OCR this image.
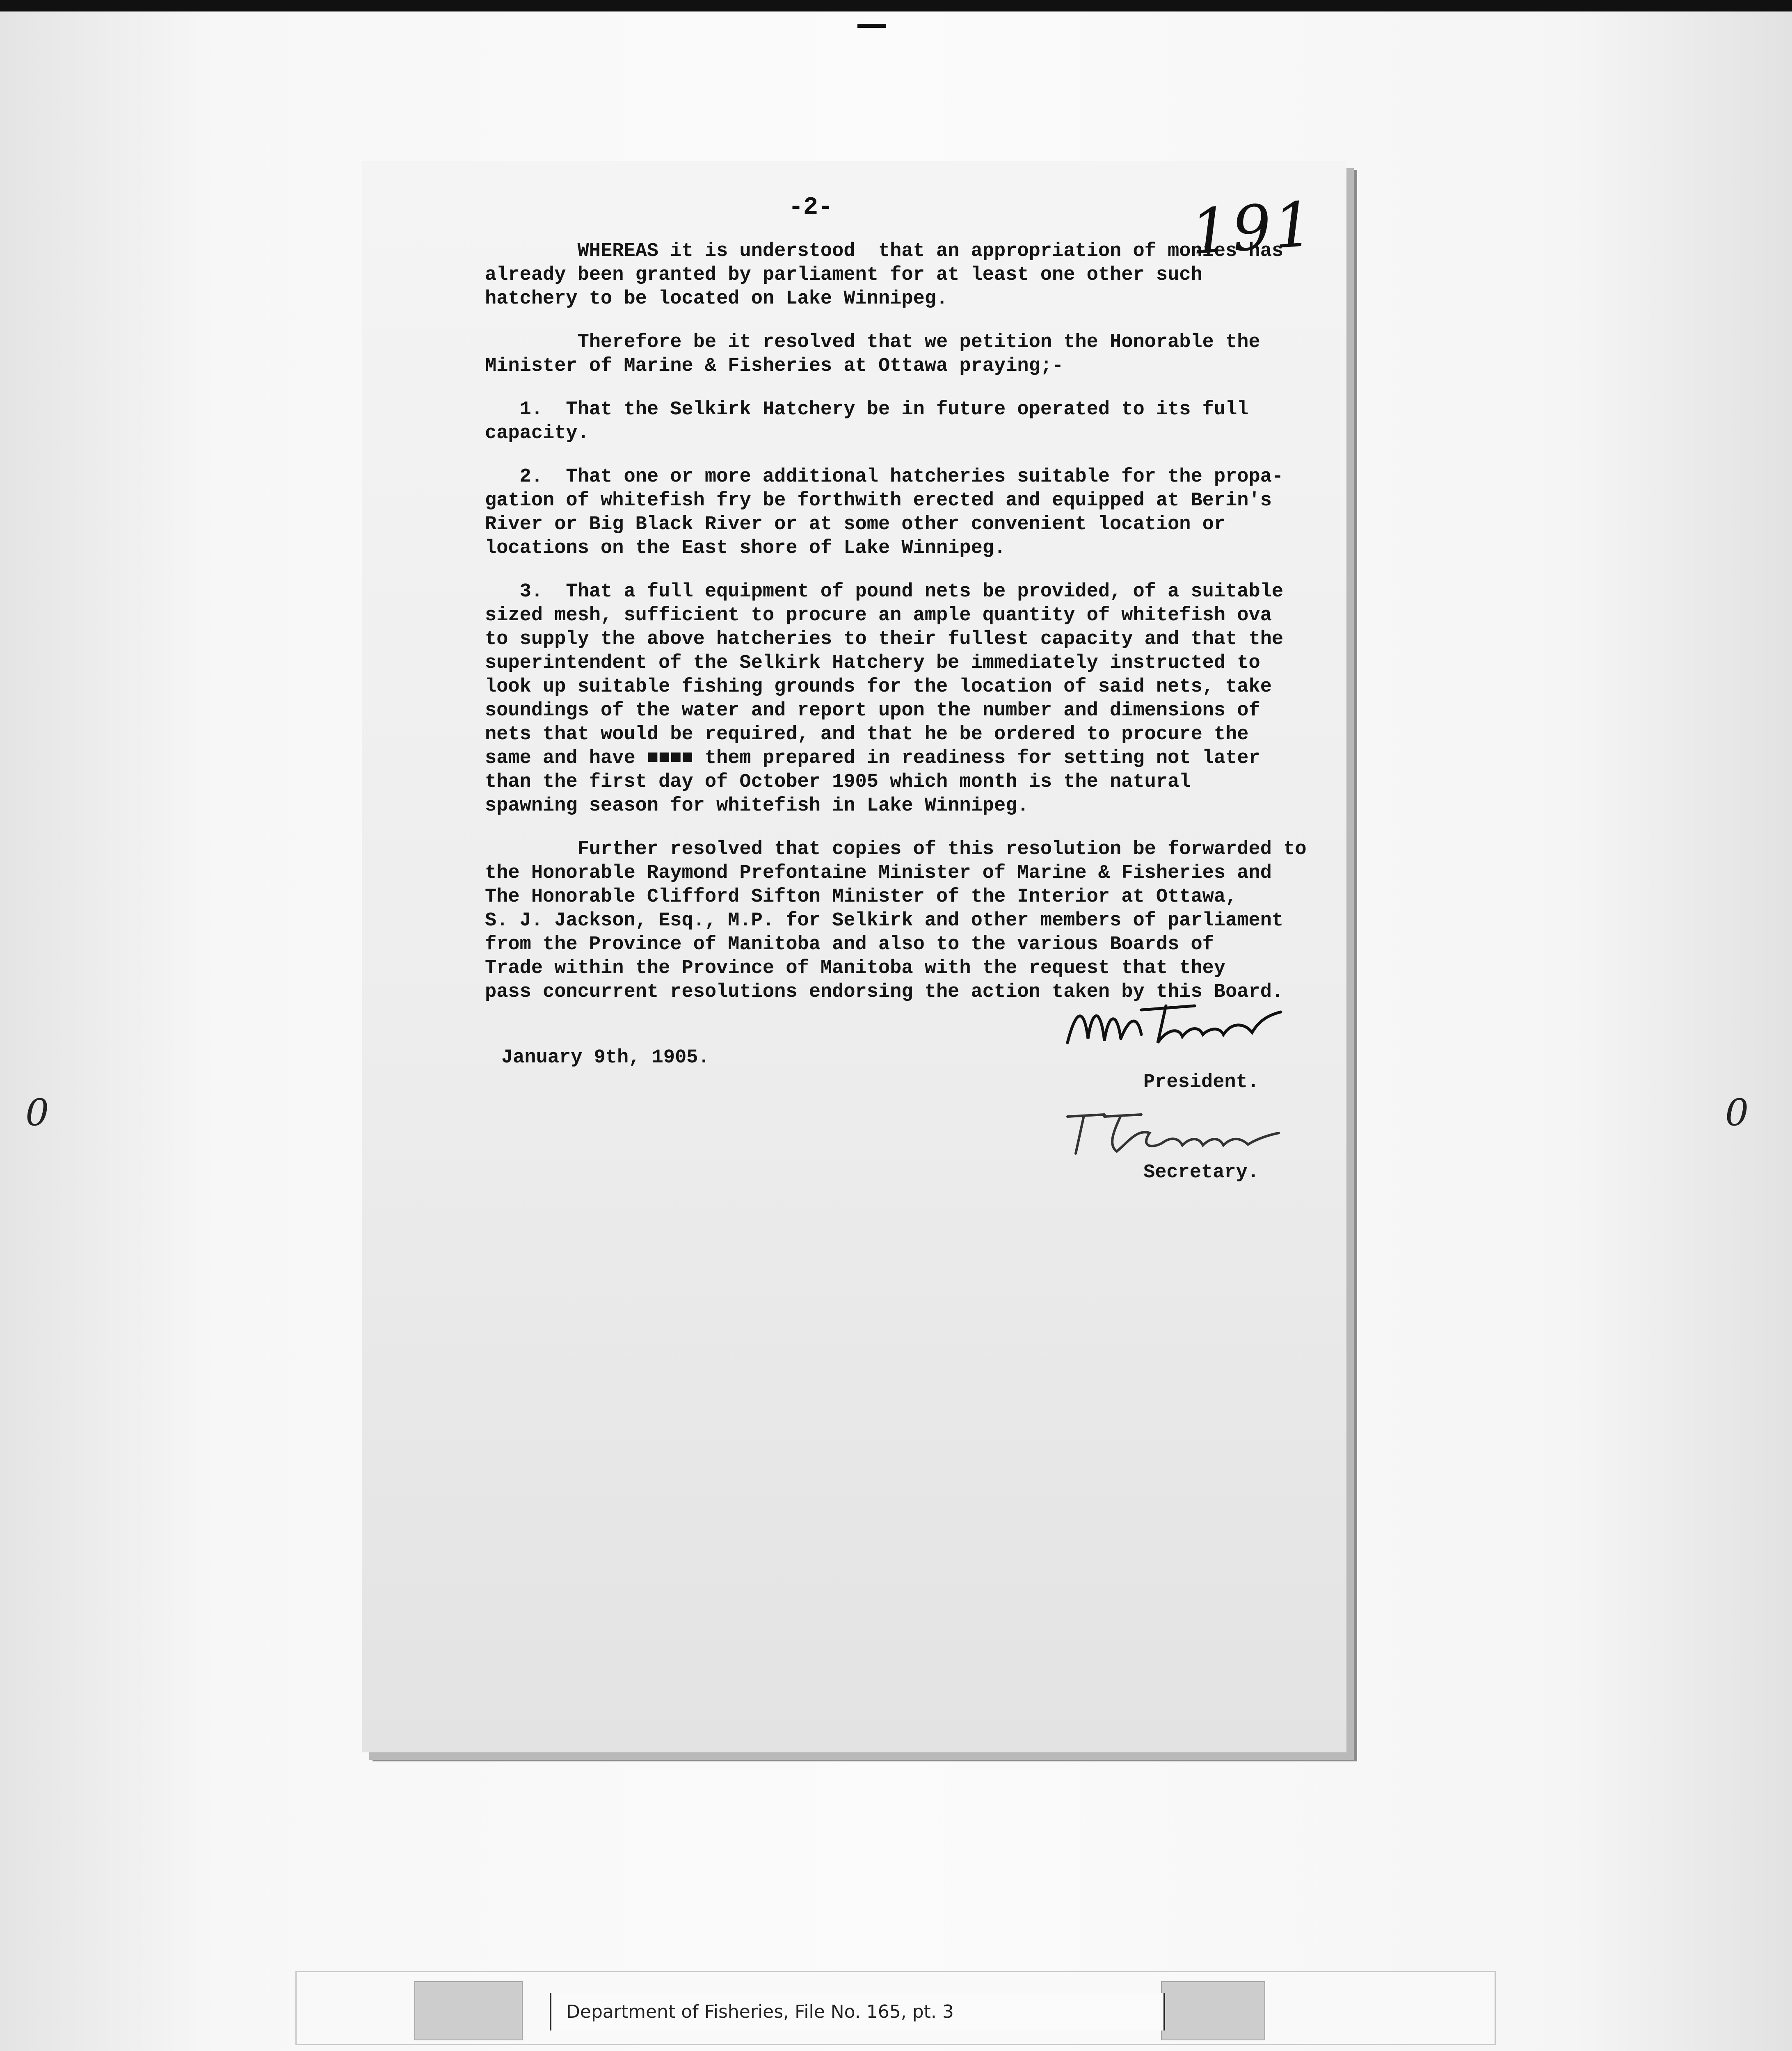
0	0
-2-	191

WHEREAS it is understood  that an appropriation of monies has
already been granted by parliament for at least one other such
hatchery to be located on Lake Winnipeg.

Therefore be it resolved that we petition the Honorable the
Minister of Marine & Fisheries at Ottawa praying;-

1.  That the Selkirk Hatchery be in future operated to its full
capacity.

2.  That one or more additional hatcheries suitable for the propa-
gation of whitefish fry be forthwith erected and equipped at Berin's
River or Big Black River or at some other convenient location or
locations on the East shore of Lake Winnipeg.

3.  That a full equipment of pound nets be provided, of a suitable
sized mesh, sufficient to procure an ample quantity of whitefish ova
to supply the above hatcheries to their fullest capacity and that the
superintendent of the Selkirk Hatchery be immediately instructed to
look up suitable fishing grounds for the location of said nets, take
soundings of the water and report upon the number and dimensions of
nets that would be required, and that he be ordered to procure the
same and have ■■■■ them prepared in readiness for setting not later
than the first day of October 1905 which month is the natural
spawning season for whitefish in Lake Winnipeg.

Further resolved that copies of this resolution be forwarded to
the Honorable Raymond Prefontaine Minister of Marine & Fisheries and
The Honorable Clifford Sifton Minister of the Interior at Ottawa,
S. J. Jackson, Esq., M.P. for Selkirk and other members of parliament
from the Province of Manitoba and also to the various Boards of
Trade within the Province of Manitoba with the request that they
pass concurrent resolutions endorsing the action taken by this Board.

January 9th, 1905.
President.
Secretary.
Department of Fisheries, File No. 165, pt. 3
